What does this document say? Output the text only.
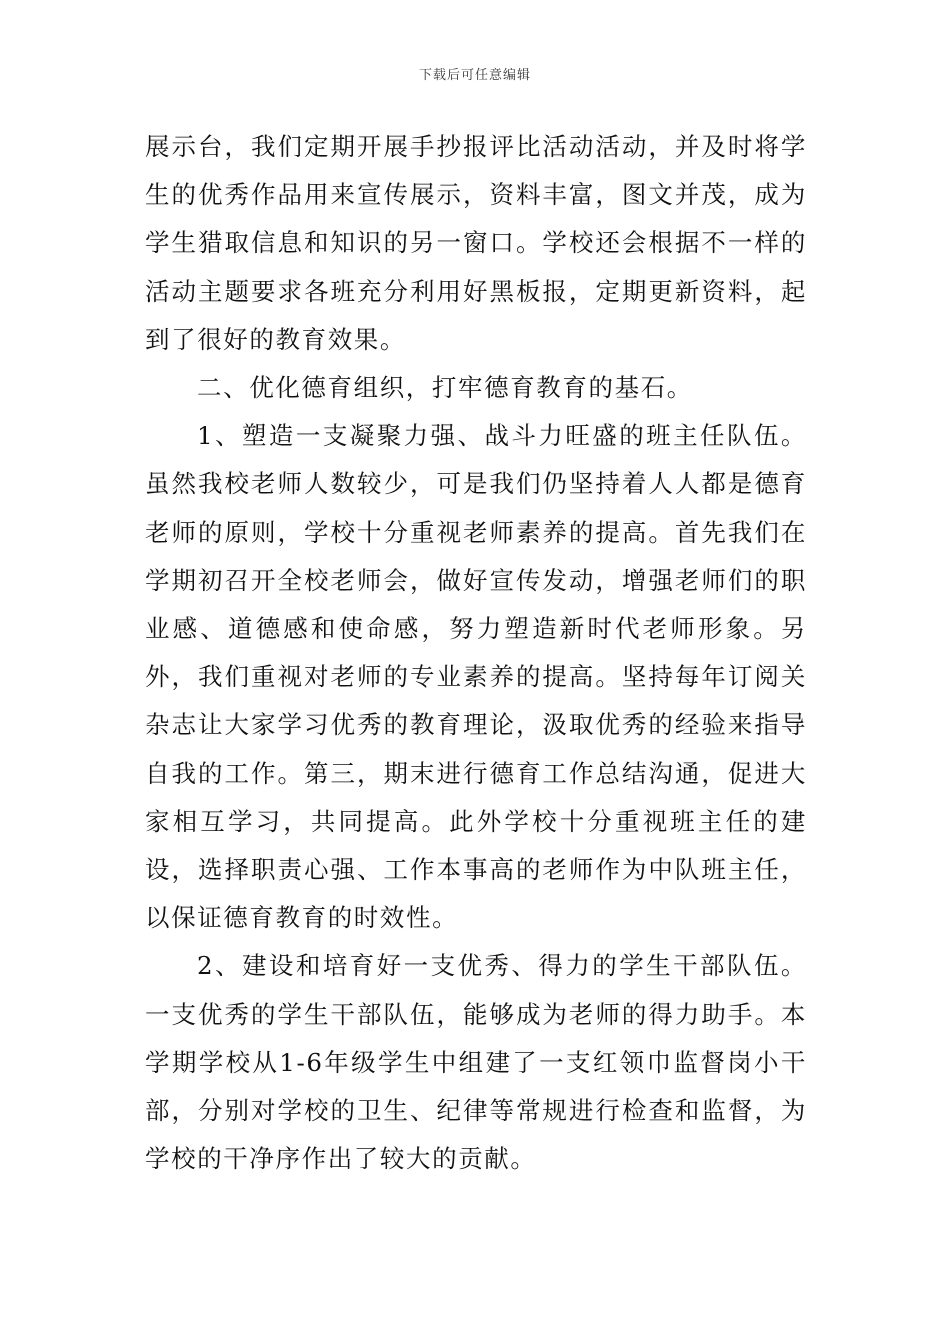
下载后可任意编辑

展示台，我们定期开展手抄报评比活动活动，并及时将学生的优秀作品用来宣传展示，资料丰富，图文并茂，成为学生猎取信息和知识的另一窗口。学校还会根据不一样的活动主题要求各班充分利用好黑板报，定期更新资料，起到了很好的教育效果。

二、优化德育组织，打牢德育教育的基石。

1、塑造一支凝聚力强、战斗力旺盛的班主任队伍。虽然我校老师人数较少，可是我们仍坚持着人人都是德育老师的原则，学校十分重视老师素养的提高。首先我们在学期初召开全校老师会，做好宣传发动，增强老师们的职业感、道德感和使命感，努力塑造新时代老师形象。另外，我们重视对老师的专业素养的提高。坚持每年订阅关杂志让大家学习优秀的教育理论，汲取优秀的经验来指导自我的工作。第三，期末进行德育工作总结沟通，促进大家相互学习，共同提高。此外学校十分重视班主任的建设，选择职责心强、工作本事高的老师作为中队班主任，以保证德育教育的时效性。

2、建设和培育好一支优秀、得力的学生干部队伍。一支优秀的学生干部队伍，能够成为老师的得力助手。本学期学校从1-6年级学生中组建了一支红领巾监督岗小干部，分别对学校的卫生、纪律等常规进行检查和监督，为学校的干净序作出了较大的贡献。
